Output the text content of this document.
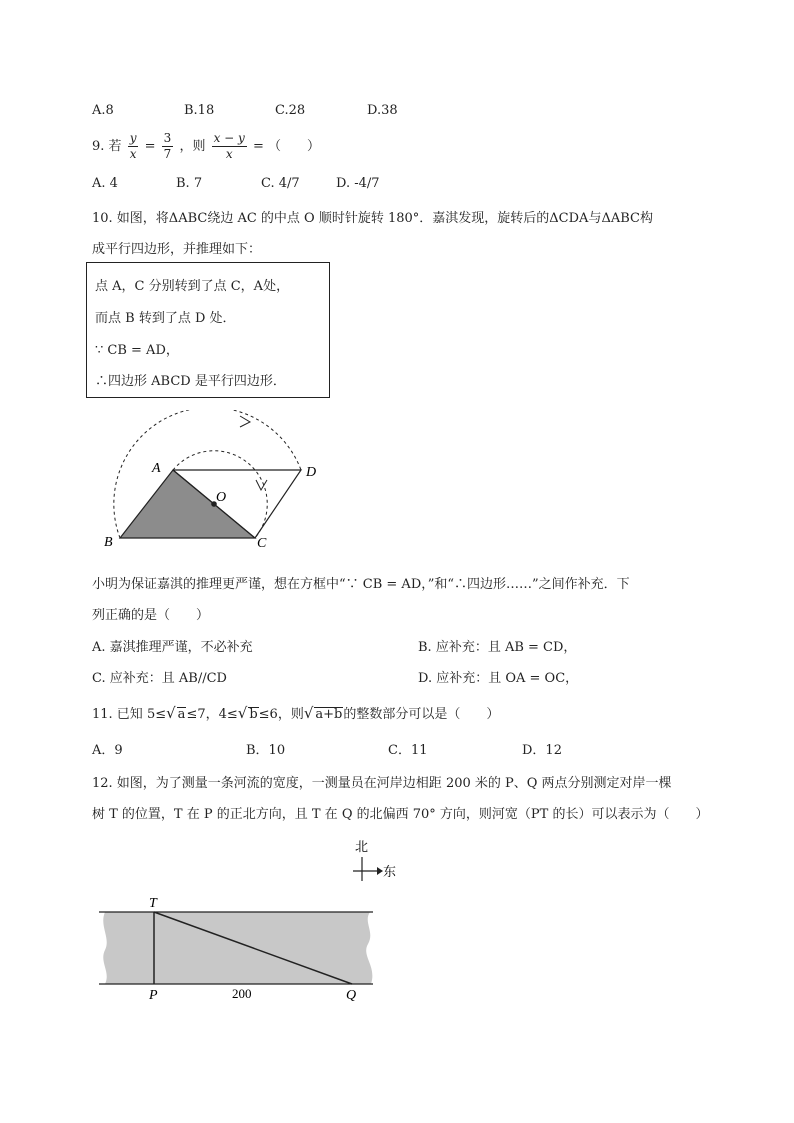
A.8	B.18	C.28	D.38
9. 若 $\frac{y}{x} = \frac{3}{7}$ ，则 $\frac{x - y}{x}$ = （　　）
A. 4	B. 7	C. 4/7	D. -4/7
10. 如图，将ΔABC绕边 AC 的中点 O 顺时针旋转 180°．嘉淇发现，旋转后的ΔCDA与ΔABC构
成平行四边形，并推理如下：
点 A，C 分别转到了点 C，A处，
而点 B 转到了点 D 处．
∵ CB = AD，
∴四边形 ABCD 是平行四边形．
A
B	C
D
O
小明为保证嘉淇的推理更严谨，想在方框中“∵ CB = AD，”和“∴四边形……”之间作补充．下
列正确的是（　　）
A. 嘉淇推理严谨，不必补充	B. 应补充：且 AB = CD，
C. 应补充：且 AB//CD	D. 应补充：且 OA = OC，
11. 已知 5≤√ a≤7，4≤√ b≤6，则√ a+b的整数部分可以是（　　）
A．9	B．10	C．11	D．12
12. 如图，为了测量一条河流的宽度，一测量员在河岸边相距 200 米的 P、Q 两点分别测定对岸一棵
树 T 的位置，T 在 P 的正北方向，且 T 在 Q 的北偏西 70° 方向，则河宽（PT 的长）可以表示为（　　）
北
东
T
P	Q
200
